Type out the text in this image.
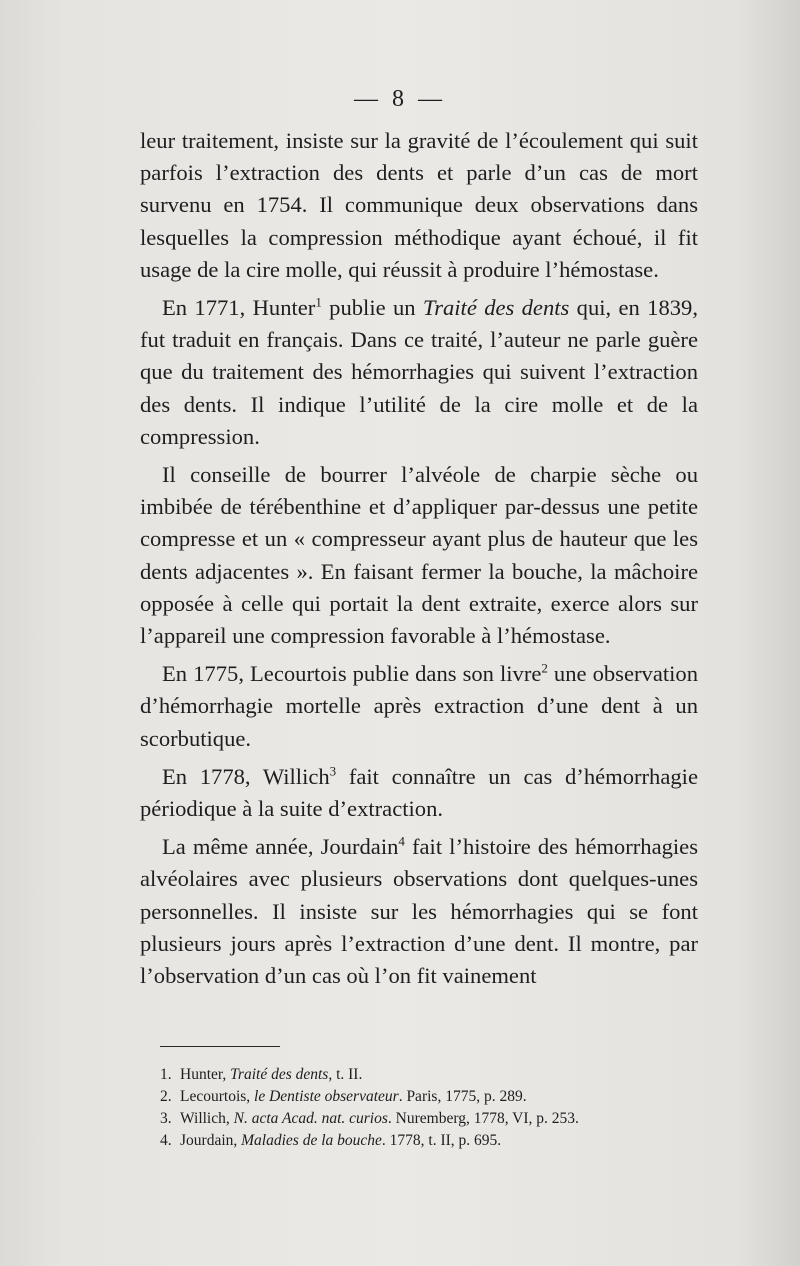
— 8 —

leur traitement, insiste sur la gravité de l’écoulement qui suit parfois l’extraction des dents et parle d’un cas de mort survenu en 1754. Il communique deux observations dans lesquelles la compression méthodique ayant échoué, il fit usage de la cire molle, qui réussit à produire l’hémostase.

En 1771, Hunter$^1$ publie un Traité des dents qui, en 1839, fut traduit en français. Dans ce traité, l’auteur ne parle guère que du traitement des hémorrhagies qui suivent l’extraction des dents. Il indique l’utilité de la cire molle et de la compression.

Il conseille de bourrer l’alvéole de charpie sèche ou imbibée de térébenthine et d’appliquer par-dessus une petite compresse et un « compresseur ayant plus de hauteur que les dents adjacentes ». En faisant fermer la bouche, la mâchoire opposée à celle qui portait la dent extraite, exerce alors sur l’appareil une compression favorable à l’hémostase.

En 1775, Lecourtois publie dans son livre$^2$ une observation d’hémorrhagie mortelle après extraction d’une dent à un scorbutique.

En 1778, Willich$^3$ fait connaître un cas d’hémorrhagie périodique à la suite d’extraction.

La même année, Jourdain$^4$ fait l’histoire des hémorrhagies alvéolaires avec plusieurs observations dont quelques-unes personnelles. Il insiste sur les hémorrhagies qui se font plusieurs jours après l’extraction d’une dent. Il montre, par l’observation d’un cas où l’on fit vainement

1. Hunter, Traité des dents, t. II.

2. Lecourtois, le Dentiste observateur. Paris, 1775, p. 289.

3. Willich, N. acta Acad. nat. curios. Nuremberg, 1778, VI, p. 253.

4. Jourdain, Maladies de la bouche. 1778, t. II, p. 695.
